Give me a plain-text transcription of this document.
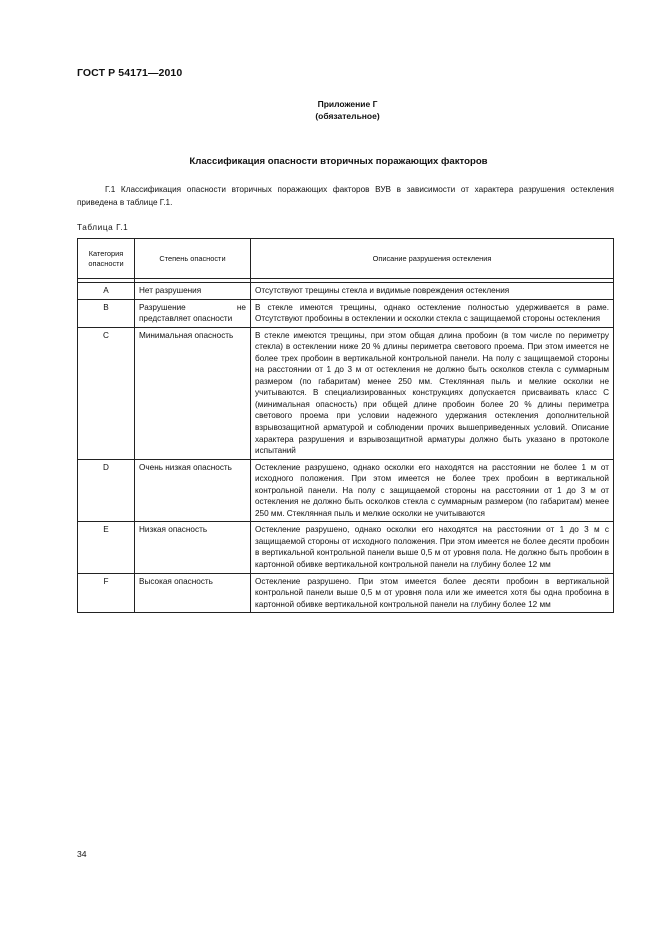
ГОСТ Р 54171—2010
Приложение Г
(обязательное)
Классификация опасности вторичных поражающих факторов

Г.1 Классификация опасности вторичных поражающих факторов ВУВ в зависимости от характера разрушения остекления приведена в таблице Г.1.

Таблица Г.1
Категория опасности	Степень опасности	Описание разрушения остекления

A	Нет разрушения	Отсутствуют трещины стекла и видимые повреждения остекления
B	Разрушение не представляет опасности	В стекле имеются трещины, однако остекление полностью удерживается в раме. Отсутствуют пробоины в остеклении и осколки стекла с защищаемой стороны остекления
C	Минимальная опасность	В стекле имеются трещины, при этом общая длина пробоин (в том числе по периметру стекла) в остеклении ниже 20 % длины периметра светового проема. При этом имеется не более трех пробоин в вертикальной контрольной панели. На полу с защищаемой стороны на расстоянии от 1 до 3 м от остекления не должно быть осколков стекла с суммарным размером (по габаритам) менее 250 мм. Стеклянная пыль и мелкие осколки не учитываются. В специализированных конструкциях допускается присваивать класс С (минимальная опасность) при общей длине пробоин более 20 % длины периметра светового проема при условии надежного удержания остекления дополнительной взрывозащитной арматурой и соблюдении прочих вышеприведенных условий. Описание характера разрушения и взрывозащитной арматуры должно быть указано в протоколе испытаний
D	Очень низкая опасность	Остекление разрушено, однако осколки его находятся на расстоянии не более 1 м от исходного положения. При этом имеется не более трех пробоин в вертикальной контрольной панели. На полу с защищаемой стороны на расстоянии от 1 до 3 м от остекления не должно быть осколков стекла с суммарным размером (по габаритам) менее 250 мм. Стеклянная пыль и мелкие осколки не учитываются
E	Низкая опасность	Остекление разрушено, однако осколки его находятся на расстоянии от 1 до 3 м с защищаемой стороны от исходного положения. При этом имеется не более десяти пробоин в вертикальной контрольной панели выше 0,5 м от уровня пола. Не должно быть пробоин в картонной обивке вертикальной контрольной панели на глубину более 12 мм
F	Высокая опасность	Остекление разрушено. При этом имеется более десяти пробоин в вертикальной контрольной панели выше 0,5 м от уровня пола или же имеется хотя бы одна пробоина в картонной обивке вертикальной контрольной панели на глубину более 12 мм
34
